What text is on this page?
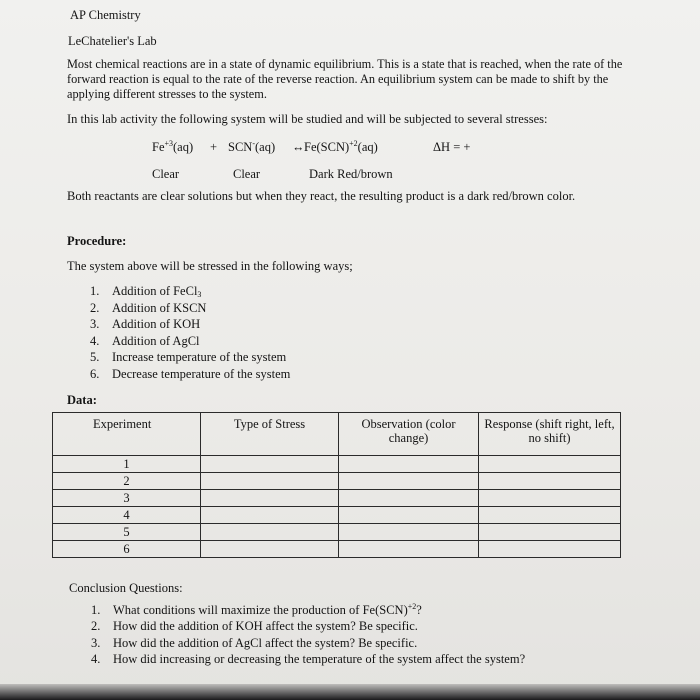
AP Chemistry
LeChatelier's Lab

Most chemical reactions are in a state of dynamic equilibrium. This is a state that is reached, when the rate of the forward reaction is equal to the rate of the reverse reaction. An equilibrium system can be made to shift by the applying different stresses to the system.

In this lab activity the following system will be studied and will be subjected to several stresses:
$Fe^{+3}(aq) + SCN^-(aq)$ ↔ Fe(SCN)$^{+2}$(aq)	ΔH = +
Clear	Clear	Dark Red/brown
Both reactants are clear solutions but when they react, the resulting product is a dark red/brown color.
Procedure:
The system above will be stressed in the following ways;
1. Addition of FeCl$_3$
2. Addition of KSCN
3. Addition of KOH
4. Addition of AgCl
5. Increase temperature of the system
6. Decrease temperature of the system
Data:
Experiment	Type of Stress	Observation (color change)	Response (shift right, left, no shift)
1			
2			
3			
4			
5			
6			
Conclusion Questions:
1. What conditions will maximize the production of Fe(SCN)$^{+2}$?
2. How did the addition of KOH affect the system? Be specific.
3. How did the addition of AgCl affect the system? Be specific.
4. How did increasing or decreasing the temperature of the system affect the system?
